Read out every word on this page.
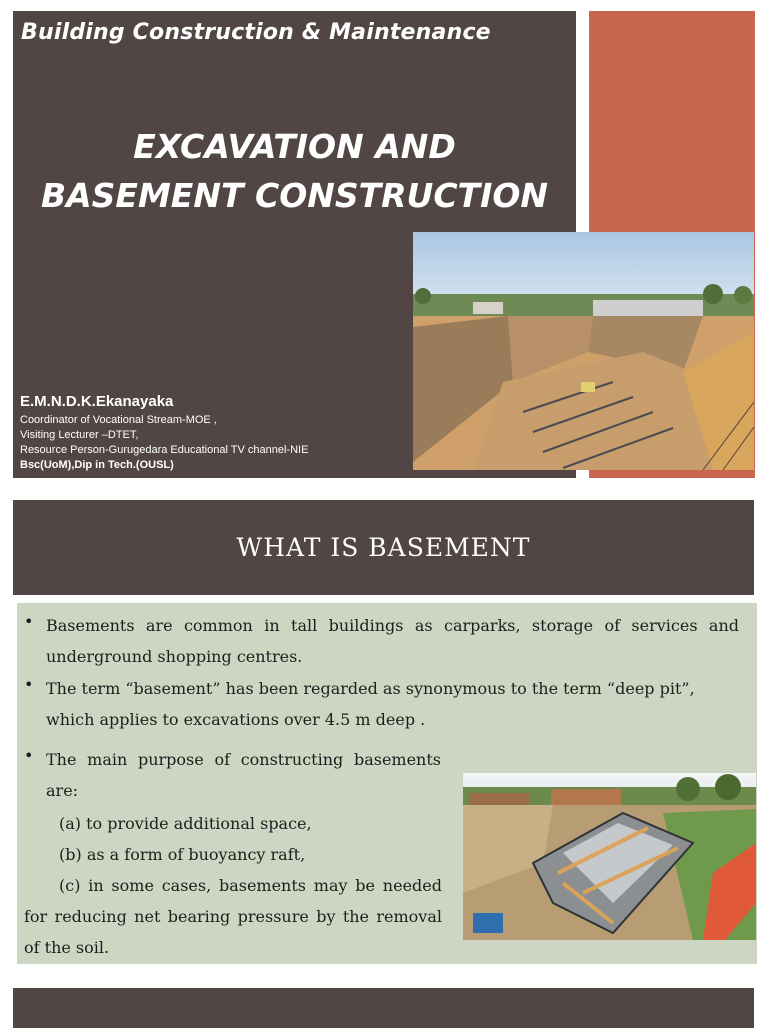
Building Construction & Maintenance
EXCAVATION AND
BASEMENT CONSTRUCTION
E.M.N.D.K.Ekanayaka
Coordinator of Vocational Stream-MOE ,
Visiting Lecturer –DTET,
Resource Person-Gurugedara Educational TV channel-NIE
Bsc(UoM),Dip in Tech.(OUSL)
WHAT IS BASEMENT
• Basements are common in tall buildings as carparks, storage of services and underground shopping centres.
• The term “basement” has been regarded as synonymous to the term “deep pit”, which applies to excavations over 4.5 m deep .
• The main purpose of constructing basements are:
(a) to provide additional space,
(b) as a form of buoyancy raft,
(c) in some cases, basements may be needed for reducing net bearing pressure by the removal of the soil.
